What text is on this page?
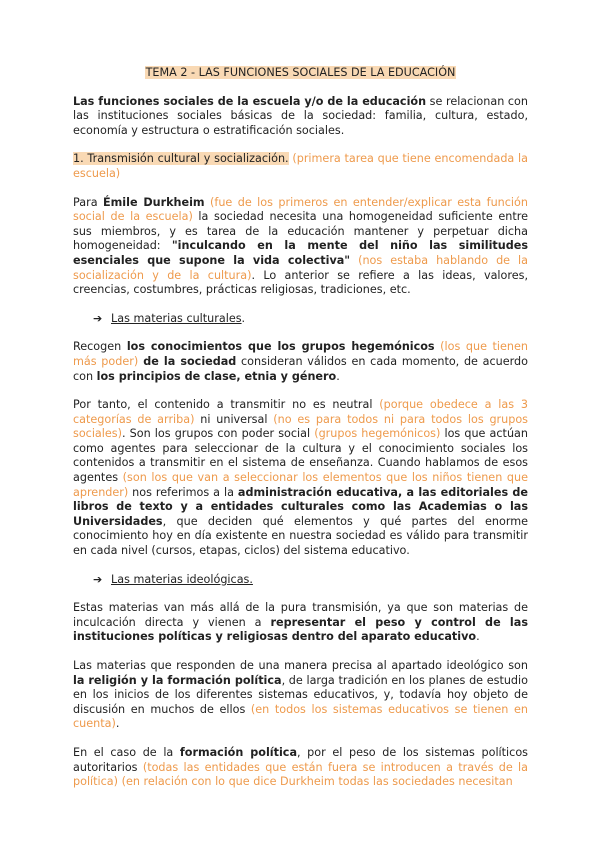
TEMA 2 - LAS FUNCIONES SOCIALES DE LA EDUCACIÓN

Las funciones sociales de la escuela y/o de la educación se relacionan con las instituciones sociales básicas de la sociedad: familia, cultura, estado, economía y estructura o estratificación sociales.

1. Transmisión cultural y socialización. (primera tarea que tiene encomendada la escuela)

Para Émile Durkheim (fue de los primeros en entender/explicar esta función social de la escuela) la sociedad necesita una homogeneidad suficiente entre sus miembros, y es tarea de la educación mantener y perpetuar dicha homogeneidad: "inculcando en la mente del niño las similitudes esenciales que supone la vida colectiva" (nos estaba hablando de la socialización y de la cultura). Lo anterior se refiere a las ideas, valores, creencias, costumbres, prácticas religiosas, tradiciones, etc.

➔ Las materias culturales.

Recogen los conocimientos que los grupos hegemónicos (los que tienen más poder) de la sociedad consideran válidos en cada momento, de acuerdo con los principios de clase, etnia y género.

Por tanto, el contenido a transmitir no es neutral (porque obedece a las 3 categorías de arriba) ni universal (no es para todos ni para todos los grupos sociales). Son los grupos con poder social (grupos hegemónicos) los que actúan como agentes para seleccionar de la cultura y el conocimiento sociales los contenidos a transmitir en el sistema de enseñanza. Cuando hablamos de esos agentes (son los que van a seleccionar los elementos que los niños tienen que aprender) nos referimos a la administración educativa, a las editoriales de libros de texto y a entidades culturales como las Academias o las Universidades, que deciden qué elementos y qué partes del enorme conocimiento hoy en día existente en nuestra sociedad es válido para transmitir en cada nivel (cursos, etapas, ciclos) del sistema educativo.

➔ Las materias ideológicas.

Estas materias van más allá de la pura transmisión, ya que son materias de inculcación directa y vienen a representar el peso y control de las instituciones políticas y religiosas dentro del aparato educativo.

Las materias que responden de una manera precisa al apartado ideológico son la religión y la formación política, de larga tradición en los planes de estudio en los inicios de los diferentes sistemas educativos, y, todavía hoy objeto de discusión en muchos de ellos (en todos los sistemas educativos se tienen en cuenta).

En el caso de la formación política, por el peso de los sistemas políticos autoritarios (todas las entidades que están fuera se introducen a través de la política) (en relación con lo que dice Durkheim todas las sociedades necesitan
